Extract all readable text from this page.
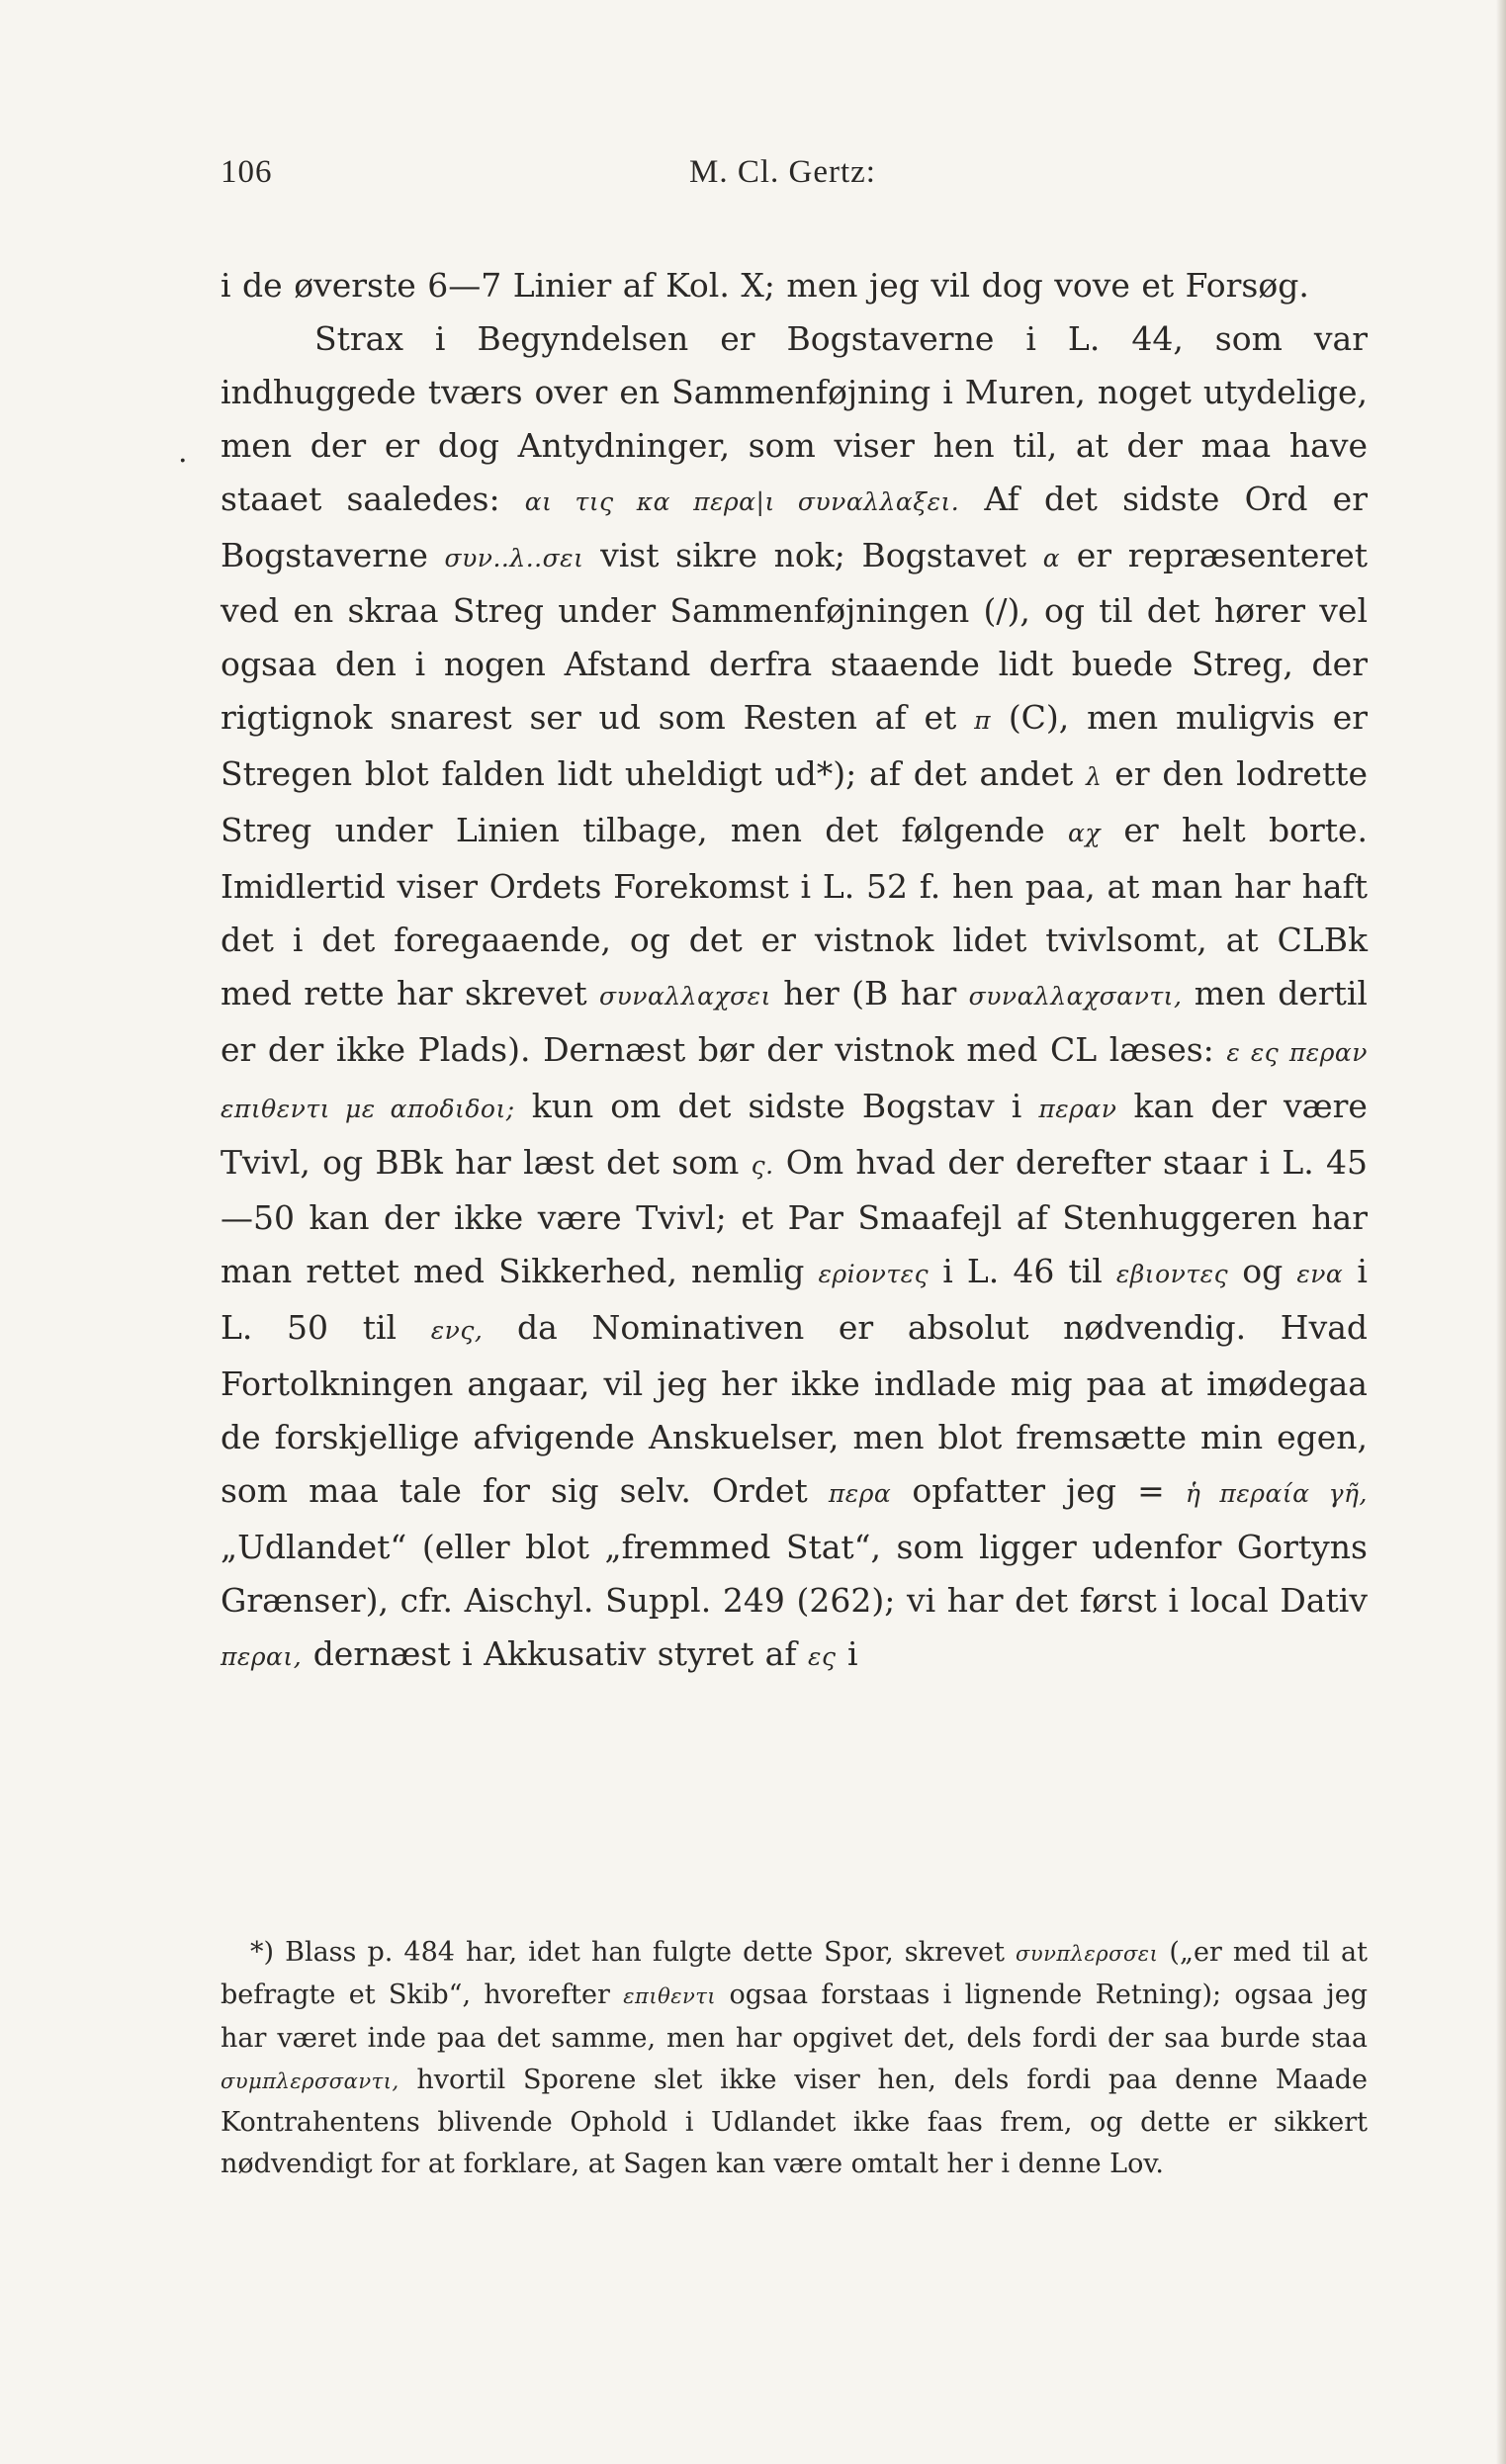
106	M. Cl. Gertz:
.

i de øverste 6—7 Linier af Kol. X; men jeg vil dog vove et Forsøg.

Strax i Begyndelsen er Bogstaverne i L. 44, som var indhuggede tværs over en Sammenføjning i Muren, noget utydelige, men der er dog Antydninger, som viser hen til, at der maa have staaet saaledes: αι τις κα περα|ι συναλλαξει. Af det sidste Ord er Bogstaverne συν..λ..σει vist sikre nok; Bogstavet α er repræsenteret ved en skraa Streg under Sammenføjningen (/), og til det hører vel ogsaa den i nogen Afstand derfra staaende lidt buede Streg, der rigtignok snarest ser ud som Resten af et π (C), men muligvis er Stregen blot falden lidt uheldigt ud*); af det andet λ er den lodrette Streg under Linien tilbage, men det følgende αχ er helt borte. Imidlertid viser Ordets Forekomst i L. 52 f. hen paa, at man har haft det i det foregaaende, og det er vistnok lidet tvivlsomt, at CLBk med rette har skrevet συναλλαχσει her (B har συναλλαχσαντι, men dertil er der ikke Plads). Dernæst bør der vistnok med CL læses: ε ες περαν επιθεντι με αποδιδοι; kun om det sidste Bogstav i περαν kan der være Tvivl, og BBk har læst det som ς. Om hvad der derefter staar i L. 45—50 kan der ikke være Tvivl; et Par Smaafejl af Stenhuggeren har man rettet med Sikkerhed, nemlig ερiοντες i L. 46 til εβιοντες og ενα i L. 50 til ενς, da Nominativen er absolut nødvendig. Hvad Fortolkningen angaar, vil jeg her ikke indlade mig paa at imødegaa de forskjellige afvigende Anskuelser, men blot fremsætte min egen, som maa tale for sig selv. Ordet περα opfatter jeg = ἡ περαία γῆ, „Udlandet“ (eller blot „fremmed Stat“, som ligger udenfor Gortyns Grænser), cfr. Aischyl. Suppl. 249 (262); vi har det først i local Dativ περαι, dernæst i Akkusativ styret af ες i

*) Blass p. 484 har, idet han fulgte dette Spor, skrevet συνπλερσσει („er med til at befragte et Skib“, hvorefter επιθεντι ogsaa forstaas i lignende Retning); ogsaa jeg har været inde paa det samme, men har opgivet det, dels fordi der saa burde staa συμπλερσσαντι, hvortil Sporene slet ikke viser hen, dels fordi paa denne Maade Kontrahentens blivende Ophold i Udlandet ikke faas frem, og dette er sikkert nødvendigt for at forklare, at Sagen kan være omtalt her i denne Lov.
